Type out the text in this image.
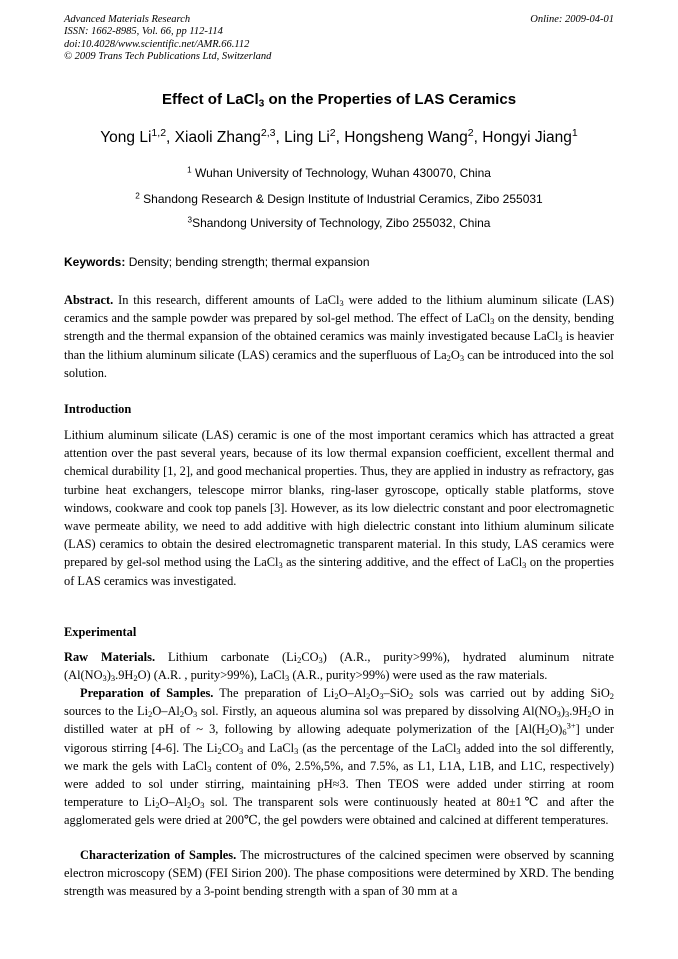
Advanced Materials Research
ISSN: 1662-8985, Vol. 66, pp 112-114
doi:10.4028/www.scientific.net/AMR.66.112
© 2009 Trans Tech Publications Ltd, Switzerland
Online: 2009-04-01
Effect of LaCl$_3$ on the Properties of LAS Ceramics
Yong Li$^{1,2}$, Xiaoli Zhang$^{2,3}$, Ling Li$^2$, Hongsheng Wang$^2$, Hongyi Jiang$^1$
$^1$ Wuhan University of Technology, Wuhan 430070, China
$^2$ Shandong Research & Design Institute of Industrial Ceramics, Zibo 255031
$^3$Shandong University of Technology, Zibo 255032, China
Keywords: Density; bending strength; thermal expansion

Abstract. In this research, different amounts of LaCl$_3$ were added to the lithium aluminum silicate (LAS) ceramics and the sample powder was prepared by sol-gel method. The effect of LaCl$_3$ on the density, bending strength and the thermal expansion of the obtained ceramics was mainly investigated because LaCl$_3$ is heavier than the lithium aluminum silicate (LAS) ceramics and the superfluous of $La_2O_3$ can be introduced into the sol solution.

Introduction

Lithium aluminum silicate (LAS) ceramic is one of the most important ceramics which has attracted a great attention over the past several years, because of its low thermal expansion coefficient, excellent thermal and chemical durability [1, 2], and good mechanical properties. Thus, they are applied in industry as refractory, gas turbine heat exchangers, telescope mirror blanks, ring-laser gyroscope, optically stable platforms, stove windows, cookware and cook top panels [3]. However, as its low dielectric constant and poor electromagnetic wave permeate ability, we need to add additive with high dielectric constant into lithium aluminum silicate (LAS) ceramics to obtain the desired electromagnetic transparent material. In this study, LAS ceramics were prepared by gel-sol method using the LaCl$_3$ as the sintering additive, and the effect of LaCl$_3$ on the properties of LAS ceramics was investigated.

Experimental

Raw Materials. Lithium carbonate $(Li_2CO_3)$ (A.R., purity>99%), hydrated aluminum nitrate $(Al(NO_3)_3.9H_2O)$ (A.R. , purity>99%), LaCl$_3$ (A.R., purity>99%) were used as the raw materials.

Preparation of Samples. The preparation of $Li_2O-Al_2O_3-SiO_2$ sols was carried out by adding SiO$_2$ sources to the $Li_2O-Al_2O_3$ sol. Firstly, an aqueous alumina sol was prepared by dissolving $Al(NO_3)_3.9H_2O$ in distilled water at pH of ~ 3, following by allowing adequate polymerization of the $[Al(H_2O)_6^{3+}]$ under vigorous stirring [4-6]. The $Li_2CO_3$ and LaCl$_3$ (as the percentage of the LaCl$_3$ added into the sol differently, we mark the gels with LaCl$_3$ content of 0%, 2.5%,5%, and 7.5%, as L1, L1A, L1B, and L1C, respectively) were added to sol under stirring, maintaining pH≈3. Then TEOS were added under stirring at room temperature to $Li_2O-Al_2O_3$ sol. The transparent sols were continuously heated at 80±1℃ and after the agglomerated gels were dried at 200℃, the gel powders were obtained and calcined at different temperatures.

Characterization of Samples. The microstructures of the calcined specimen were observed by scanning electron microscopy (SEM) (FEI Sirion 200). The phase compositions were determined by XRD. The bending strength was measured by a 3-point bending strength with a span of 30 mm at a
